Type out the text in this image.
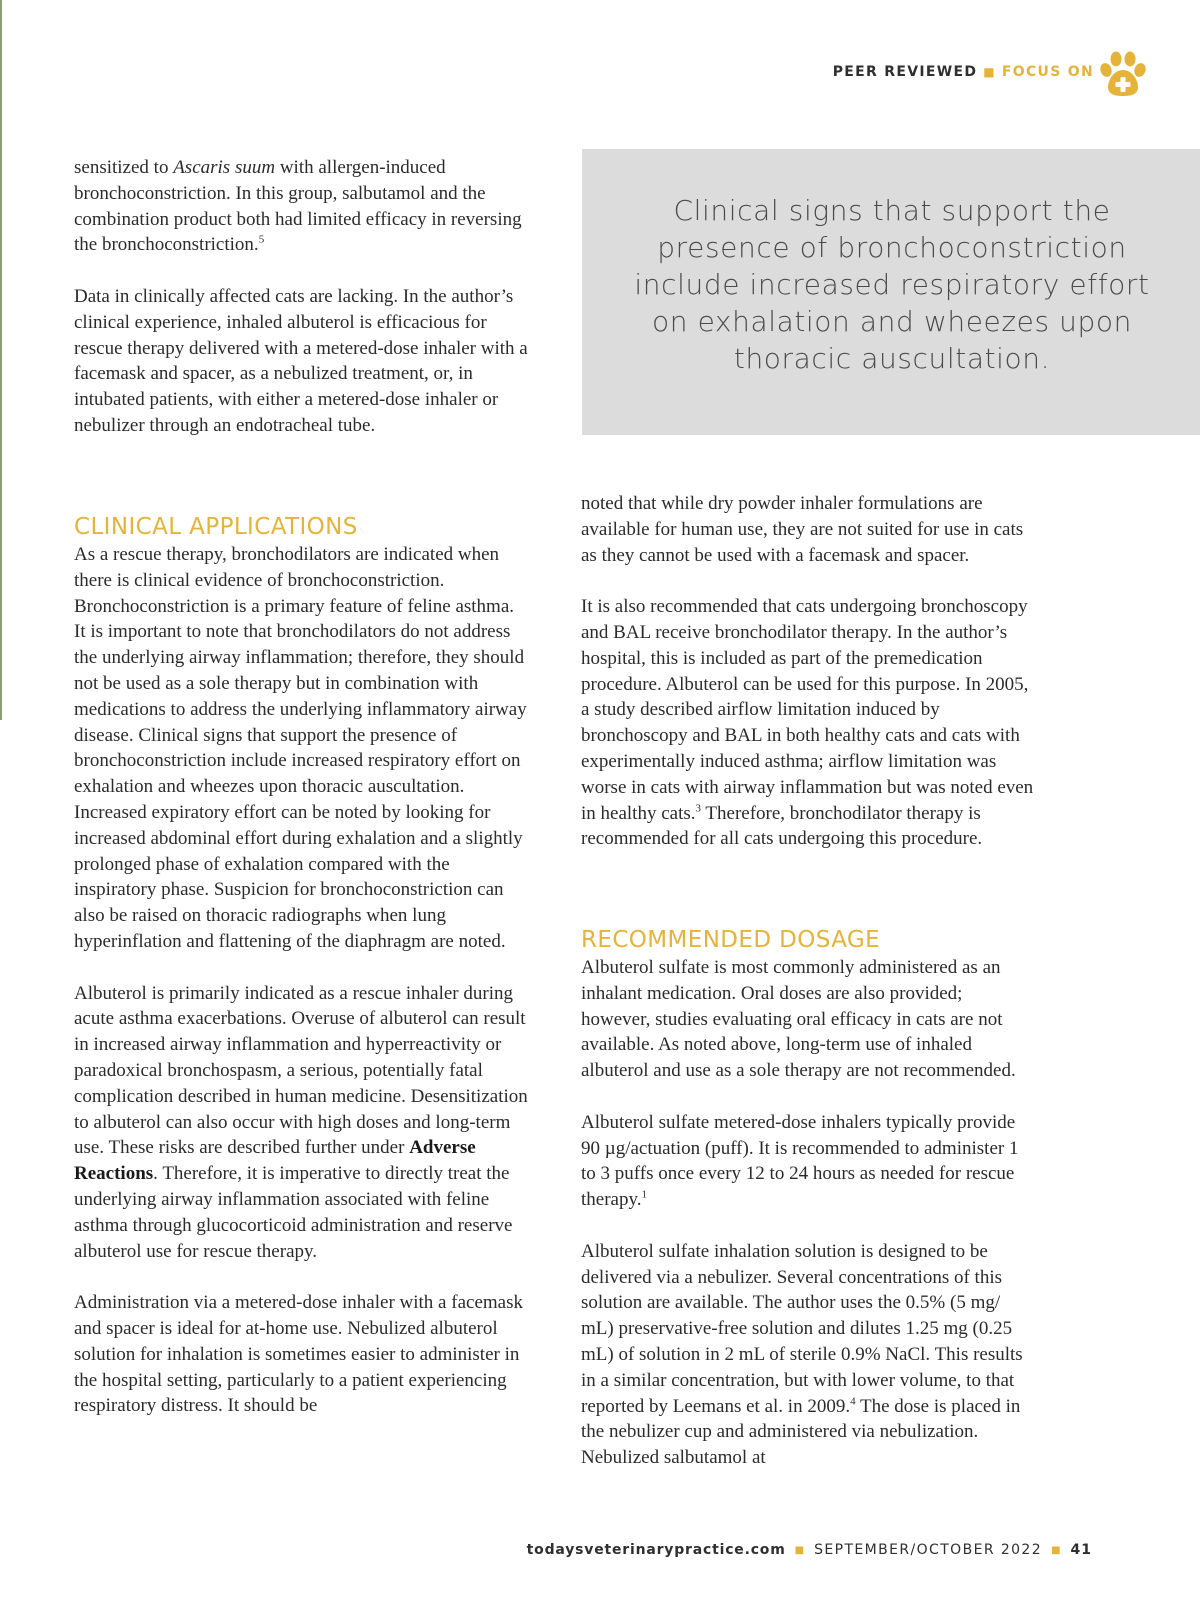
PEER REVIEWED ■ FOCUS ON

sensitized to Ascaris suum with allergen-induced bronchoconstriction. In this group, salbutamol and the combination product both had limited efficacy in reversing the bronchoconstriction.$^5$

Data in clinically affected cats are lacking. In the author’s clinical experience, inhaled albuterol is efficacious for rescue therapy delivered with a metered-dose inhaler with a facemask and spacer, as a nebulized treatment, or, in intubated patients, with either a metered-dose inhaler or nebulizer through an endotracheal tube.

CLINICAL APPLICATIONS

As a rescue therapy, bronchodilators are indicated when there is clinical evidence of bronchoconstriction. Bronchoconstriction is a primary feature of feline asthma. It is important to note that bronchodilators do not address the underlying airway inflammation; therefore, they should not be used as a sole therapy but in combination with medications to address the underlying inflammatory airway disease. Clinical signs that support the presence of bronchoconstriction include increased respiratory effort on exhalation and wheezes upon thoracic auscultation. Increased expiratory effort can be noted by looking for increased abdominal effort during exhalation and a slightly prolonged phase of exhalation compared with the inspiratory phase. Suspicion for bronchoconstriction can also be raised on thoracic radiographs when lung hyperinflation and flattening of the diaphragm are noted.

Albuterol is primarily indicated as a rescue inhaler during acute asthma exacerbations. Overuse of albuterol can result in increased airway inflammation and hyperreactivity or paradoxical bronchospasm, a serious, potentially fatal complication described in human medicine. Desensitization to albuterol can also occur with high doses and long-term use. These risks are described further under Adverse Reactions. Therefore, it is imperative to directly treat the underlying airway inflammation associated with feline asthma through glucocorticoid administration and reserve albuterol use for rescue therapy.

Administration via a metered-dose inhaler with a facemask and spacer is ideal for at-home use. Nebulized albuterol solution for inhalation is sometimes easier to administer in the hospital setting, particularly to a patient experiencing respiratory distress. It should be

Clinical signs that support the presence of bronchoconstriction include increased respiratory effort on exhalation and wheezes upon thoracic auscultation.

noted that while dry powder inhaler formulations are available for human use, they are not suited for use in cats as they cannot be used with a facemask and spacer.

It is also recommended that cats undergoing bronchoscopy and BAL receive bronchodilator therapy. In the author’s hospital, this is included as part of the premedication procedure. Albuterol can be used for this purpose. In 2005, a study described airflow limitation induced by bronchoscopy and BAL in both healthy cats and cats with experimentally induced asthma; airflow limitation was worse in cats with airway inflammation but was noted even in healthy cats.$^3$ Therefore, bronchodilator therapy is recommended for all cats undergoing this procedure.

RECOMMENDED DOSAGE

Albuterol sulfate is most commonly administered as an inhalant medication. Oral doses are also provided; however, studies evaluating oral efficacy in cats are not available. As noted above, long-term use of inhaled albuterol and use as a sole therapy are not recommended.

Albuterol sulfate metered-dose inhalers typically provide 90 µg/actuation (puff). It is recommended to administer 1 to 3 puffs once every 12 to 24 hours as needed for rescue therapy.$^1$

Albuterol sulfate inhalation solution is designed to be delivered via a nebulizer. Several concentrations of this solution are available. The author uses the 0.5% (5 mg/ mL) preservative-free solution and dilutes 1.25 mg (0.25 mL) of solution in 2 mL of sterile 0.9% NaCl. This results in a similar concentration, but with lower volume, to that reported by Leemans et al. in 2009.$^4$ The dose is placed in the nebulizer cup and administered via nebulization. Nebulized salbutamol at

todaysveterinarypractice.com ■ SEPTEMBER/OCTOBER 2022 ■ 41
